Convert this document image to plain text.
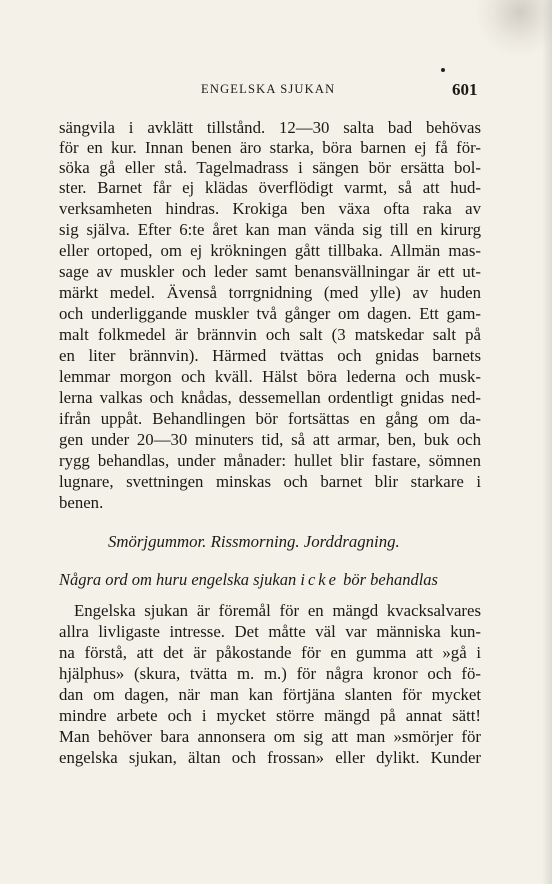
ENGELSKA SJUKAN	601
sängvila i avklätt tillstånd. 12—30 salta bad behövas
för en kur. Innan benen äro starka, böra barnen ej få för-
söka gå eller stå. Tagelmadrass i sängen bör ersätta bol-
ster. Barnet får ej klädas överflödigt varmt, så att hud-
verksamheten hindras. Krokiga ben växa ofta raka av
sig själva. Efter 6:te året kan man vända sig till en kirurg
eller ortoped, om ej krökningen gått tillbaka. Allmän mas-
sage av muskler och leder samt benansvällningar är ett ut-
märkt medel. Ävenså torrgnidning (med ylle) av huden
och underliggande muskler två gånger om dagen. Ett gam-
malt folkmedel är brännvin och salt (3 matskedar salt på
en liter brännvin). Härmed tvättas och gnidas barnets
lemmar morgon och kväll. Hälst böra lederna och musk-
lerna valkas och knådas, dessemellan ordentligt gnidas ned-
ifrån uppåt. Behandlingen bör fortsättas en gång om da-
gen under 20—30 minuters tid, så att armar, ben, buk och
rygg behandlas, under månader: hullet blir fastare, sömnen
lugnare, svettningen minskas och barnet blir starkare i
benen.
Smörjgummor. Rissmorning. Jorddragning.
Några ord om huru engelska sjukan icke bör behandlas
Engelska sjukan är föremål för en mängd kvacksalvares
allra livligaste intresse. Det måtte väl var människa kun-
na förstå, att det är påkostande för en gumma att »gå i
hjälphus» (skura, tvätta m. m.) för några kronor och fö-
dan om dagen, när man kan förtjäna slanten för mycket
mindre arbete och i mycket större mängd på annat sätt!
Man behöver bara annonsera om sig att man »smörjer för
engelska sjukan, ältan och frossan» eller dylikt. Kunder
